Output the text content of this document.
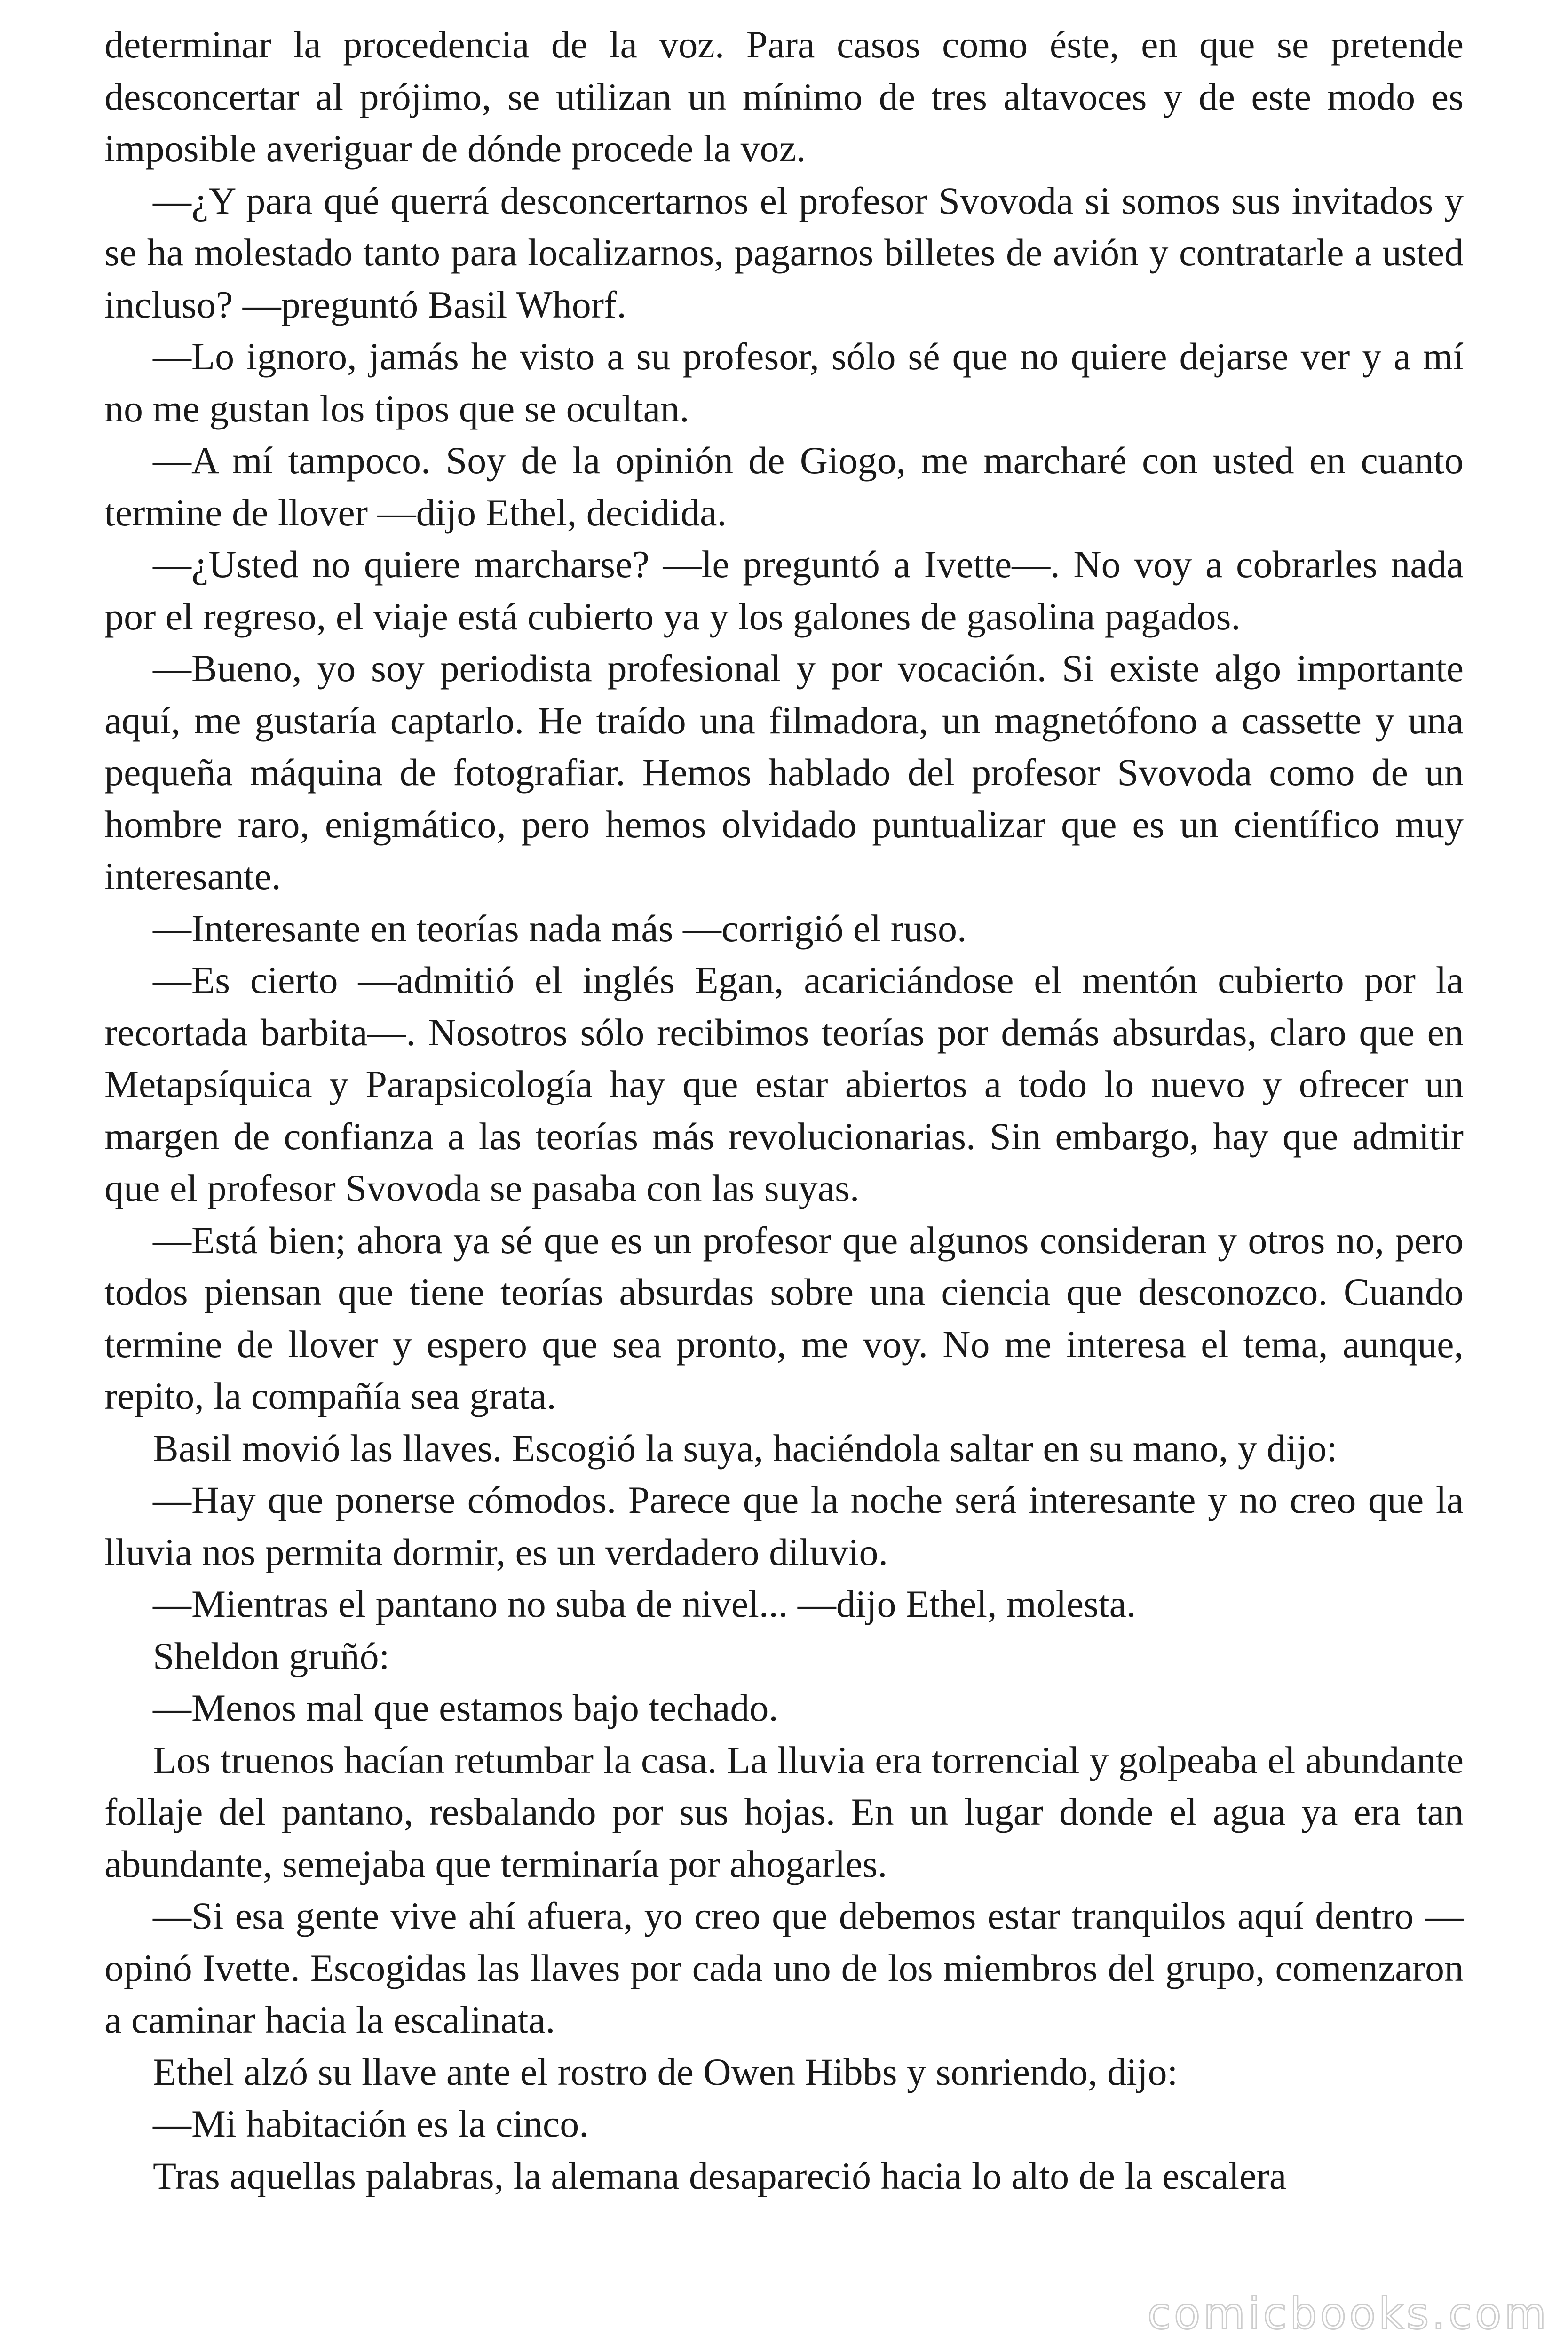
determinar la procedencia de la voz. Para casos como éste, en que se pretende desconcertar al prójimo, se utilizan un mínimo de tres altavoces y de este modo es imposible averiguar de dónde procede la voz.

—¿Y para qué querrá desconcertarnos el profesor Svovoda si somos sus invitados y se ha molestado tanto para localizarnos, pagarnos billetes de avión y contratarle a usted incluso? —preguntó Basil Whorf.

—Lo ignoro, jamás he visto a su profesor, sólo sé que no quiere dejarse ver y a mí no me gustan los tipos que se ocultan.

—A mí tampoco. Soy de la opinión de Giogo, me marcharé con usted en cuanto termine de llover —dijo Ethel, decidida.

—¿Usted no quiere marcharse? —le preguntó a Ivette—. No voy a cobrarles nada por el regreso, el viaje está cubierto ya y los galones de gasolina pagados.

—Bueno, yo soy periodista profesional y por vocación. Si existe algo importante aquí, me gustaría captarlo. He traído una filmadora, un magnetófono a cassette y una pequeña máquina de fotografiar. Hemos hablado del profesor Svovoda como de un hombre raro, enigmático, pero hemos olvidado puntualizar que es un científico muy interesante.

—Interesante en teorías nada más —corrigió el ruso.

—Es cierto —admitió el inglés Egan, acariciándose el mentón cubierto por la recortada barbita—. Nosotros sólo recibimos teorías por demás absurdas, claro que en Metapsíquica y Parapsicología hay que estar abiertos a todo lo nuevo y ofrecer un margen de confianza a las teorías más revolucionarias. Sin embargo, hay que admitir que el profesor Svovoda se pasaba con las suyas.

—Está bien; ahora ya sé que es un profesor que algunos consideran y otros no, pero todos piensan que tiene teorías absurdas sobre una ciencia que desconozco. Cuando termine de llover y espero que sea pronto, me voy. No me interesa el tema, aunque, repito, la compañía sea grata.

Basil movió las llaves. Escogió la suya, haciéndola saltar en su mano, y dijo:

—Hay que ponerse cómodos. Parece que la noche será interesante y no creo que la lluvia nos permita dormir, es un verdadero diluvio.

—Mientras el pantano no suba de nivel... —dijo Ethel, molesta.

Sheldon gruñó:

—Menos mal que estamos bajo techado.

Los truenos hacían retumbar la casa. La lluvia era torrencial y golpeaba el abundante follaje del pantano, resbalando por sus hojas. En un lugar donde el agua ya era tan abundante, semejaba que terminaría por ahogarles.

—Si esa gente vive ahí afuera, yo creo que debemos estar tranquilos aquí dentro —opinó Ivette. Escogidas las llaves por cada uno de los miembros del grupo, comenzaron a caminar hacia la escalinata.

Ethel alzó su llave ante el rostro de Owen Hibbs y sonriendo, dijo:

—Mi habitación es la cinco.

Tras aquellas palabras, la alemana desapareció hacia lo alto de la escalera

comicbooks.com
